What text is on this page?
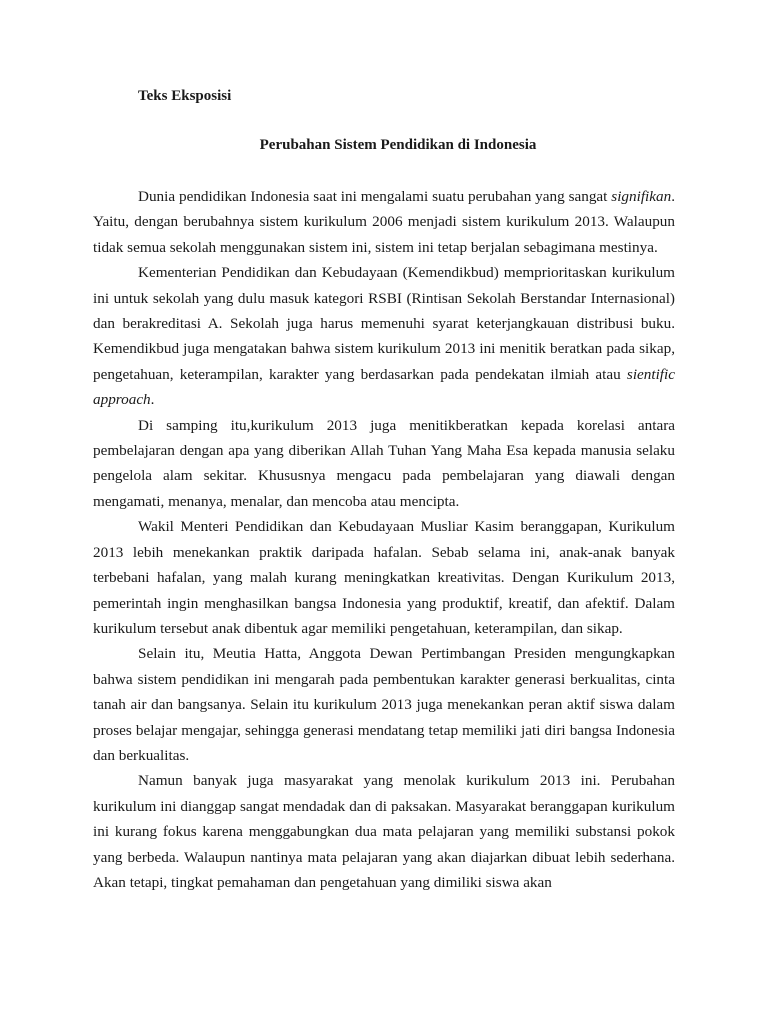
Teks Eksposisi
Perubahan Sistem Pendidikan di Indonesia

Dunia pendidikan Indonesia saat ini mengalami suatu perubahan yang sangat signifikan. Yaitu, dengan berubahnya sistem kurikulum 2006 menjadi sistem kurikulum 2013. Walaupun tidak semua sekolah menggunakan sistem ini, sistem ini tetap berjalan sebagimana mestinya.

Kementerian Pendidikan dan Kebudayaan (Kemendikbud) memprioritaskan kurikulum ini untuk sekolah yang dulu masuk kategori RSBI (Rintisan Sekolah Berstandar Internasional) dan berakreditasi A. Sekolah juga harus memenuhi syarat keterjangkauan distribusi buku. Kemendikbud juga mengatakan bahwa sistem kurikulum 2013 ini menitik beratkan pada sikap, pengetahuan, keterampilan, karakter yang berdasarkan pada pendekatan ilmiah atau sientific approach.

Di samping itu,kurikulum 2013 juga menitikberatkan kepada korelasi antara pembelajaran dengan apa yang diberikan Allah Tuhan Yang Maha Esa kepada manusia selaku pengelola alam sekitar. Khususnya mengacu pada pembelajaran yang diawali dengan mengamati, menanya, menalar, dan mencoba atau mencipta.

Wakil Menteri Pendidikan dan Kebudayaan Musliar Kasim beranggapan, Kurikulum 2013 lebih menekankan praktik daripada hafalan. Sebab selama ini, anak-anak banyak terbebani hafalan, yang malah kurang meningkatkan kreativitas. Dengan Kurikulum 2013, pemerintah ingin menghasilkan bangsa Indonesia yang produktif, kreatif, dan afektif. Dalam kurikulum tersebut anak dibentuk agar memiliki pengetahuan, keterampilan, dan sikap.

Selain itu, Meutia Hatta, Anggota Dewan Pertimbangan Presiden mengungkapkan bahwa sistem pendidikan ini mengarah pada pembentukan karakter generasi berkualitas, cinta tanah air dan bangsanya. Selain itu kurikulum 2013 juga menekankan peran aktif siswa dalam proses belajar mengajar, sehingga generasi mendatang tetap memiliki jati diri bangsa Indonesia dan berkualitas.

Namun banyak juga masyarakat yang menolak kurikulum 2013 ini. Perubahan kurikulum ini dianggap sangat mendadak dan di paksakan. Masyarakat beranggapan kurikulum ini kurang fokus karena menggabungkan dua mata pelajaran yang memiliki substansi pokok yang berbeda. Walaupun nantinya mata pelajaran yang akan diajarkan dibuat lebih sederhana. Akan tetapi, tingkat pemahaman dan pengetahuan yang dimiliki siswa akan
